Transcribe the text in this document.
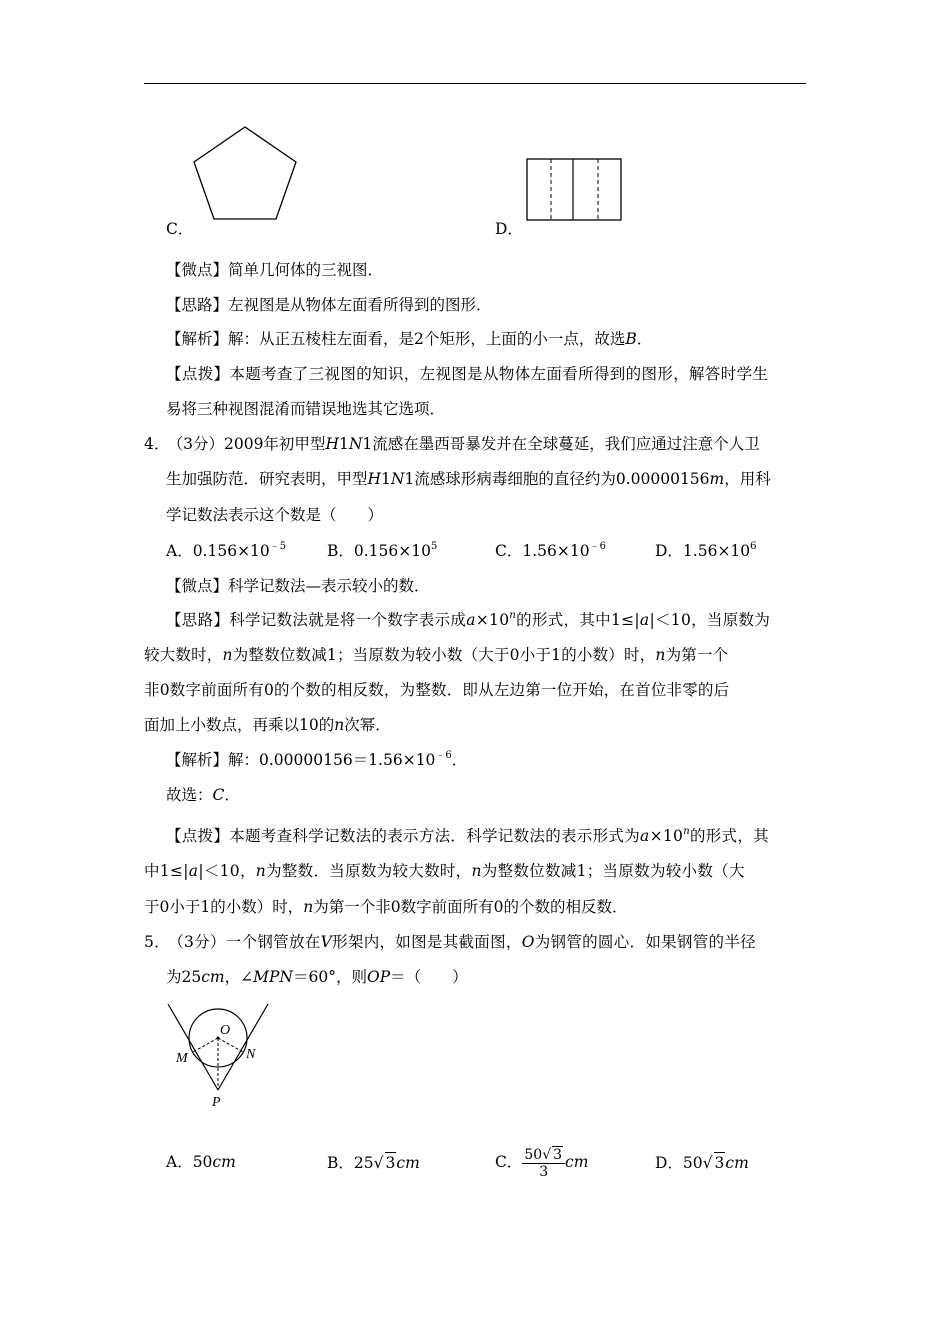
C．	D．
【微点】简单几何体的三视图．
【思路】左视图是从物体左面看所得到的图形．
【解析】解：从正五棱柱左面看，是2个矩形，上面的小一点，故选B．
【点拨】本题考查了三视图的知识，左视图是从物体左面看所得到的图形，解答时学生
易将三种视图混淆而错误地选其它选项．
4． （3分）2009年初甲型H1N1流感在墨西哥暴发并在全球蔓延，我们应通过注意个人卫
生加强防范．研究表明，甲型H1N1流感球形病毒细胞的直径约为0.00000156m，用科
学记数法表示这个数是（　　）
A．$0.156\times 10^{﹣5}$	B．$0.156\times 10^5$	C．$1.56\times 10^{﹣6}$	D．$1.56\times 10^6$
【微点】科学记数法—表示较小的数．
【思路】科学记数法就是将一个数字表示成$a\times 10^n$的形式，其中1≤|a|＜10，当原数为
较大数时，n为整数位数减1；当原数为较小数（大于0小于1的小数）时，n为第一个
非0数字前面所有0的个数的相反数，为整数．即从左边第一位开始，在首位非零的后
面加上小数点，再乘以10的n次幂．
【解析】解：$0.00000156=1.56\times 10^{﹣6}$．
故选：C．
【点拨】本题考查科学记数法的表示方法．科学记数法的表示形式为$a\times 10^n$的形式，其
中1≤|a|＜10，n为整数．当原数为较大数时，n为整数位数减1；当原数为较小数（大
于0小于1的小数）时，n为第一个非0数字前面所有0的个数的相反数．
5． （3分）一个钢管放在V形架内，如图是其截面图，O为钢管的圆心．如果钢管的半径
为25cm，∠MPN＝60°，则OP＝（　　）
O
M	N
P
A．50cm	B．25√ 3cm	C． $\frac{50√ 3}{3}$ cm	D．50√ 3cm
